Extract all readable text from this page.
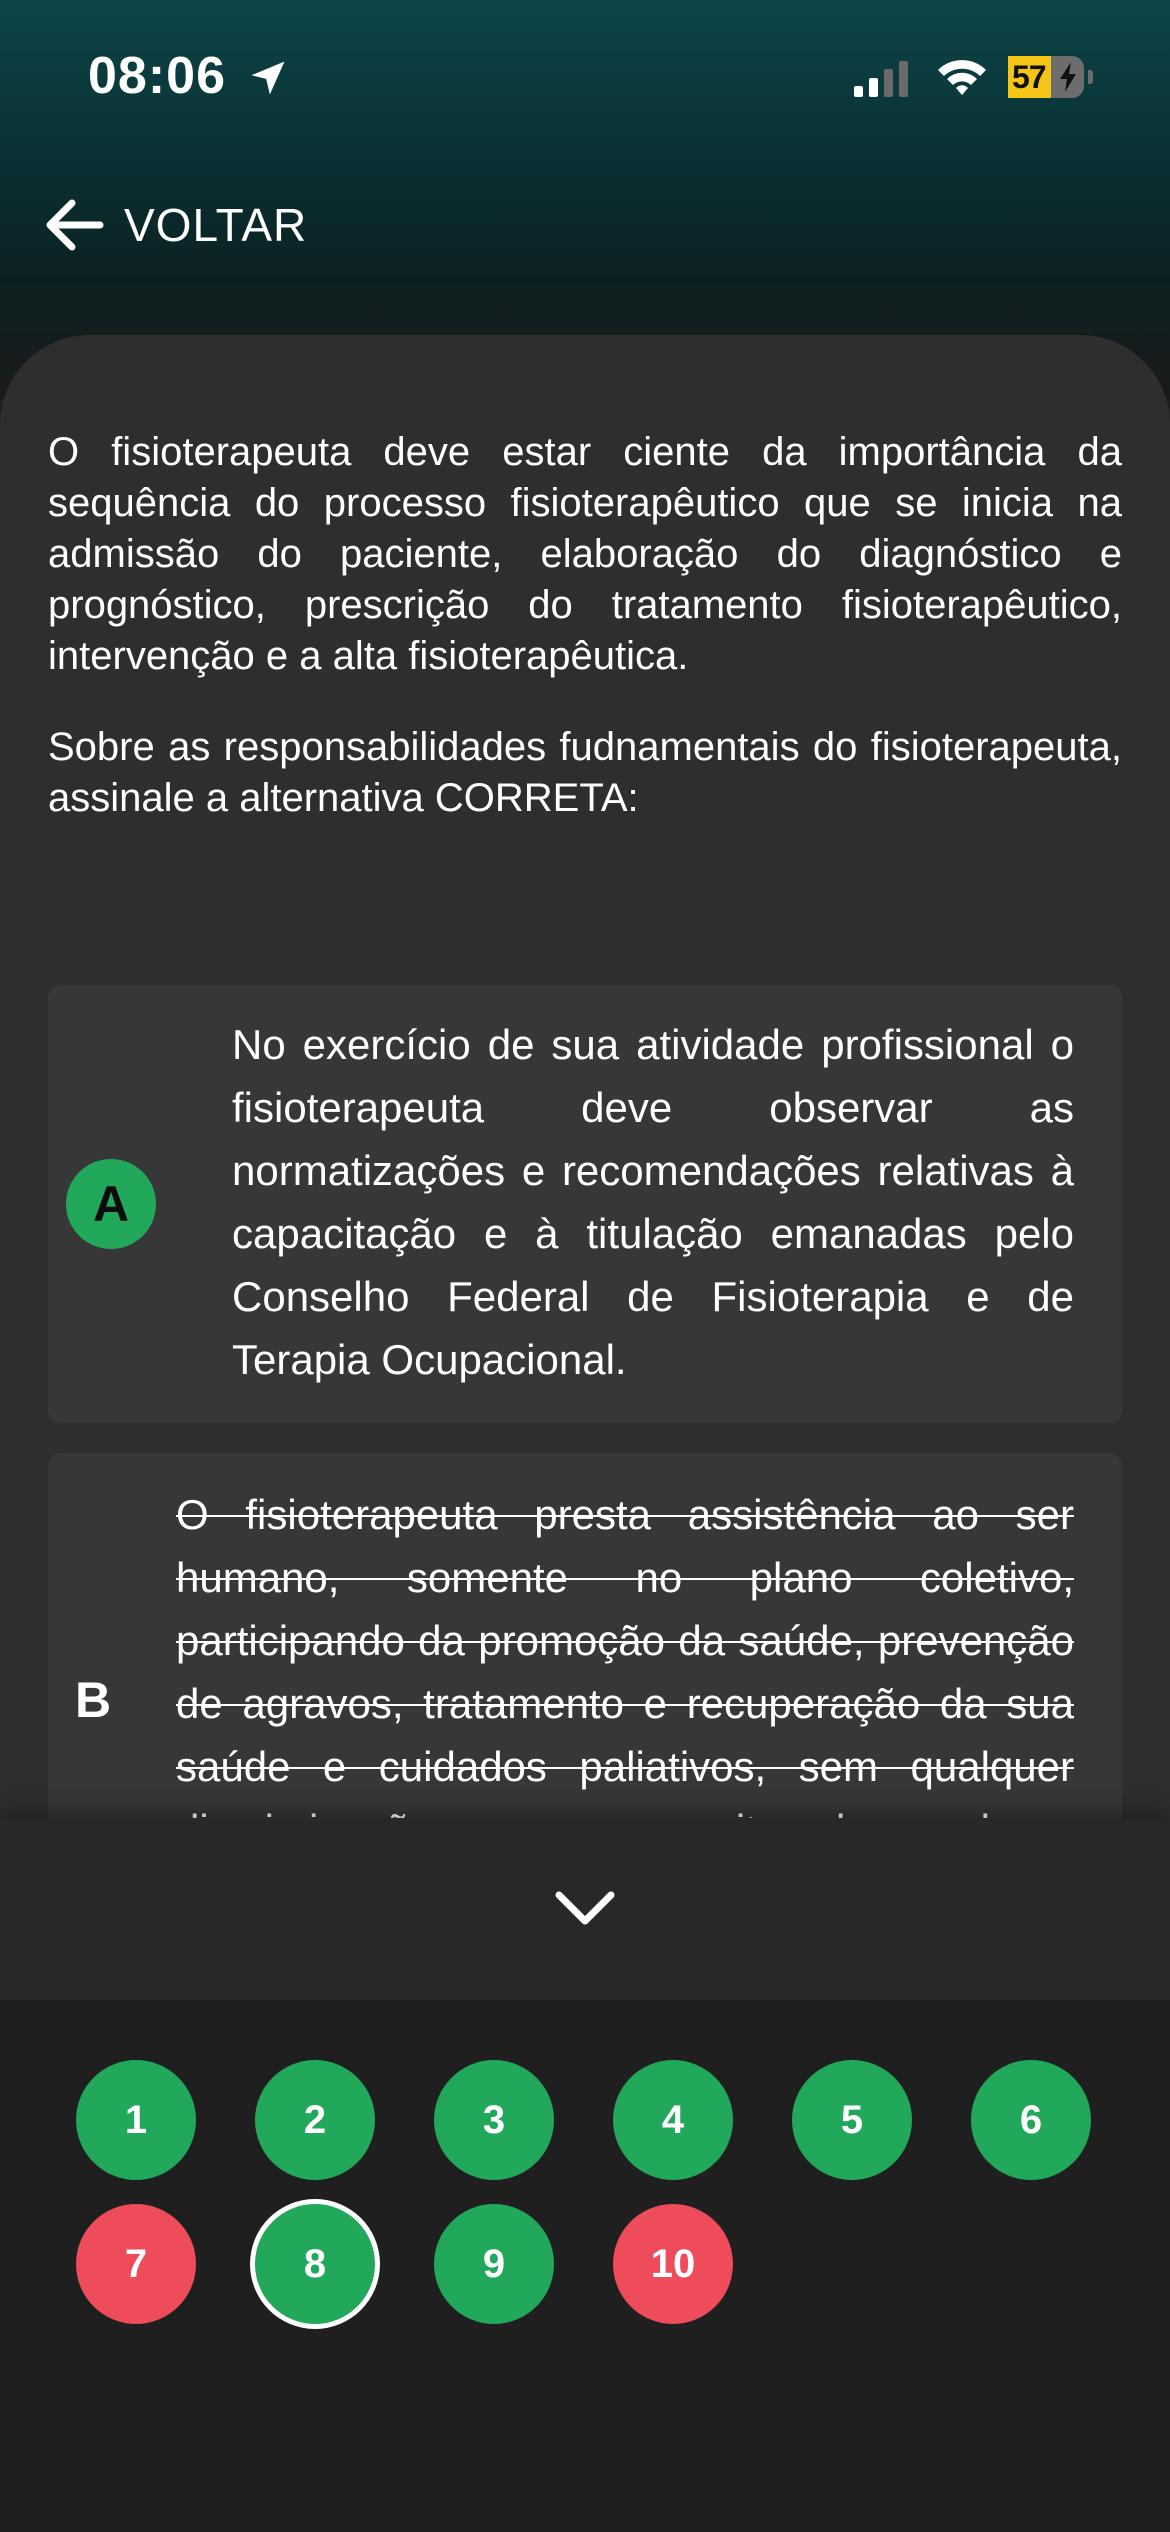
08:06	57
VOLTAR

O fisioterapeuta deve estar ciente da importância da sequência do processo fisioterapêutico que se inicia na admissão do paciente, elaboração do diagnóstico e prognóstico, prescrição do tratamento fisioterapêutico, intervenção e a alta fisioterapêutica.

Sobre as responsabilidades fudnamentais do fisioterapeuta, assinale a alternativa CORRETA:

A
No exercício de sua atividade profissional o fisioterapeuta deve observar as normatizações e recomendações relativas à capacitação e à titulação emanadas pelo Conselho Federal de Fisioterapia e de Terapia Ocupacional.
B
O fisioterapeuta presta assistência ao ser humano, somente no plano coletivo, participando da promoção da saúde, prevenção de agravos, tratamento e recuperação da sua saúde e cuidados paliativos, sem qualquer
1	2	3	4	5	6
7	8	9	10
